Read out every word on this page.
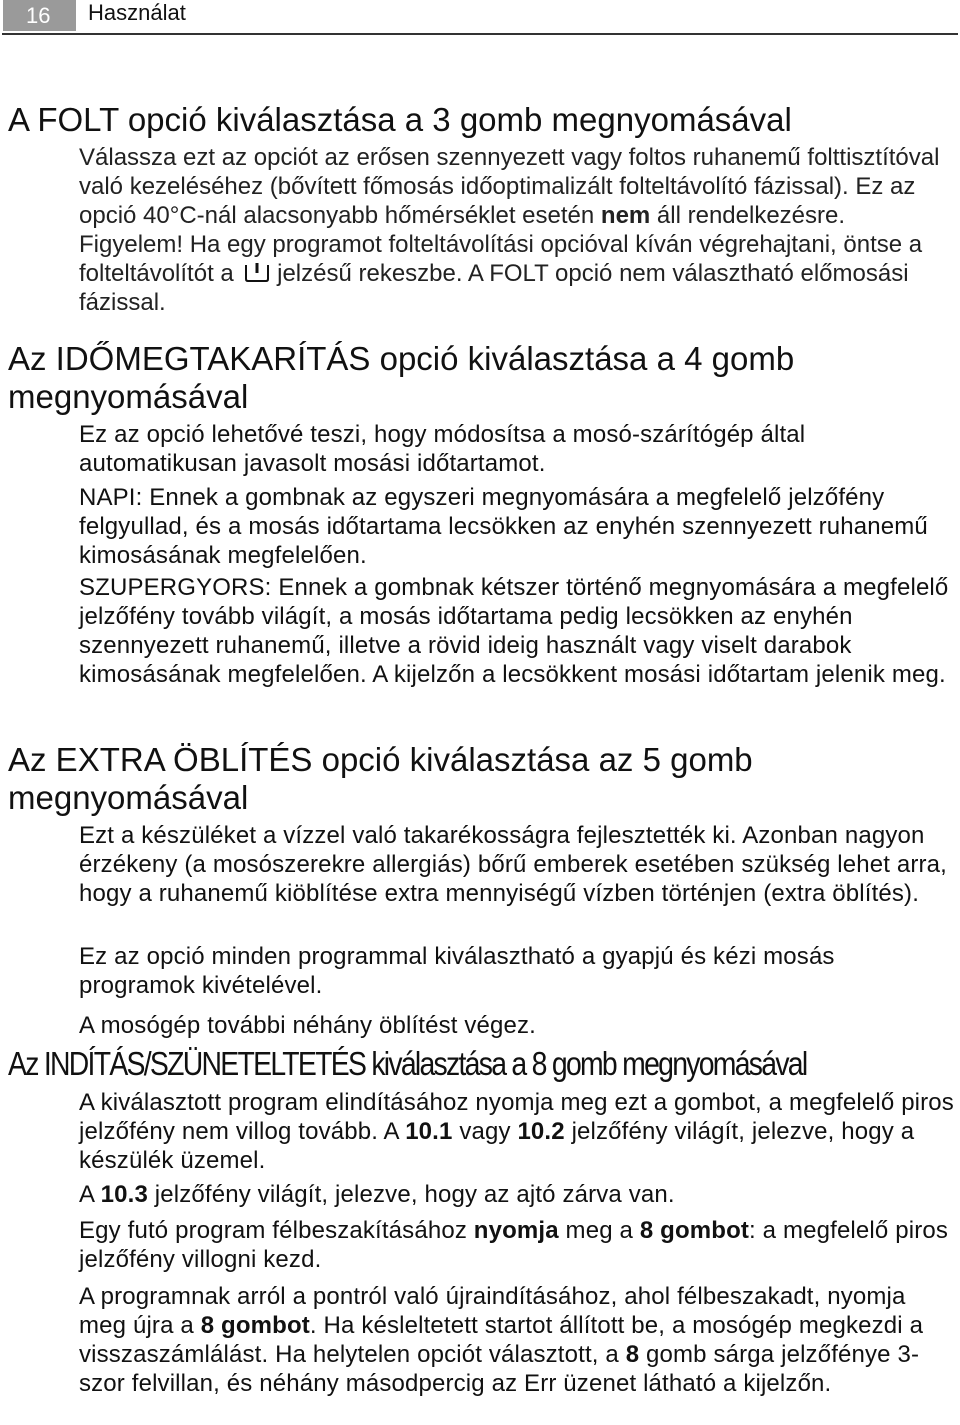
16	Használat
A FOLT opció kiválasztása a 3 gomb megnyomásával

Válassza ezt az opciót az erősen szennyezett vagy foltos ruhanemű folttisztítóval való kezeléséhez (bővített főmosás időoptimalizált folteltávolító fázissal). Ez az opció 40°C-nál alacsonyabb hőmérséklet esetén nem áll rendelkezésre. Figyelem! Ha egy programot folteltávolítási opcióval kíván végrehajtani, öntse a folteltávolítót a  jelzésű rekeszbe. A FOLT opció nem választható előmosási fázissal.

Az IDŐMEGTAKARÍTÁS opció kiválasztása a 4 gomb
megnyomásával

Ez az opció lehetővé teszi, hogy módosítsa a mosó-szárítógép által automatikusan javasolt mosási időtartamot.

NAPI: Ennek a gombnak az egyszeri megnyomására a megfelelő jelzőfény felgyullad, és a mosás időtartama lecsökken az enyhén szennyezett ruhanemű kimosásának megfelelően.

SZUPERGYORS: Ennek a gombnak kétszer történő megnyomására a megfelelő jelzőfény tovább világít, a mosás időtartama pedig lecsökken az enyhén szennyezett ruhanemű, illetve a rövid ideig használt vagy viselt darabok kimosásának megfelelően. A kijelzőn a lecsökkent mosási időtartam jelenik meg.

Az EXTRA ÖBLÍTÉS opció kiválasztása az 5 gomb
megnyomásával

Ezt a készüléket a vízzel való takarékosságra fejlesztették ki. Azonban nagyon érzékeny (a mosószerekre allergiás) bőrű emberek esetében szükség lehet arra, hogy a ruhanemű kiöblítése extra mennyiségű vízben történjen (extra öblítés).

Ez az opció minden programmal kiválasztható a gyapjú és kézi mosás programok kivételével.

A mosógép további néhány öblítést végez.

Az INDÍTÁS/SZÜNETELTETÉS kiválasztása a 8 gomb megnyomásával

A kiválasztott program elindításához nyomja meg ezt a gombot, a megfelelő piros jelzőfény nem villog tovább. A 10.1 vagy 10.2 jelzőfény világít, jelezve, hogy a készülék üzemel.

A 10.3 jelzőfény világít, jelezve, hogy az ajtó zárva van.

Egy futó program félbeszakításához nyomja meg a 8 gombot: a megfelelő piros jelzőfény villogni kezd.

A programnak arról a pontról való újraindításához, ahol félbeszakadt, nyomja meg újra a 8 gombot. Ha késleltetett startot állított be, a mosógép megkezdi a visszaszámlálást. Ha helytelen opciót választott, a 8 gomb sárga jelzőfénye 3-szor felvillan, és néhány másodpercig az Err üzenet látható a kijelzőn.
